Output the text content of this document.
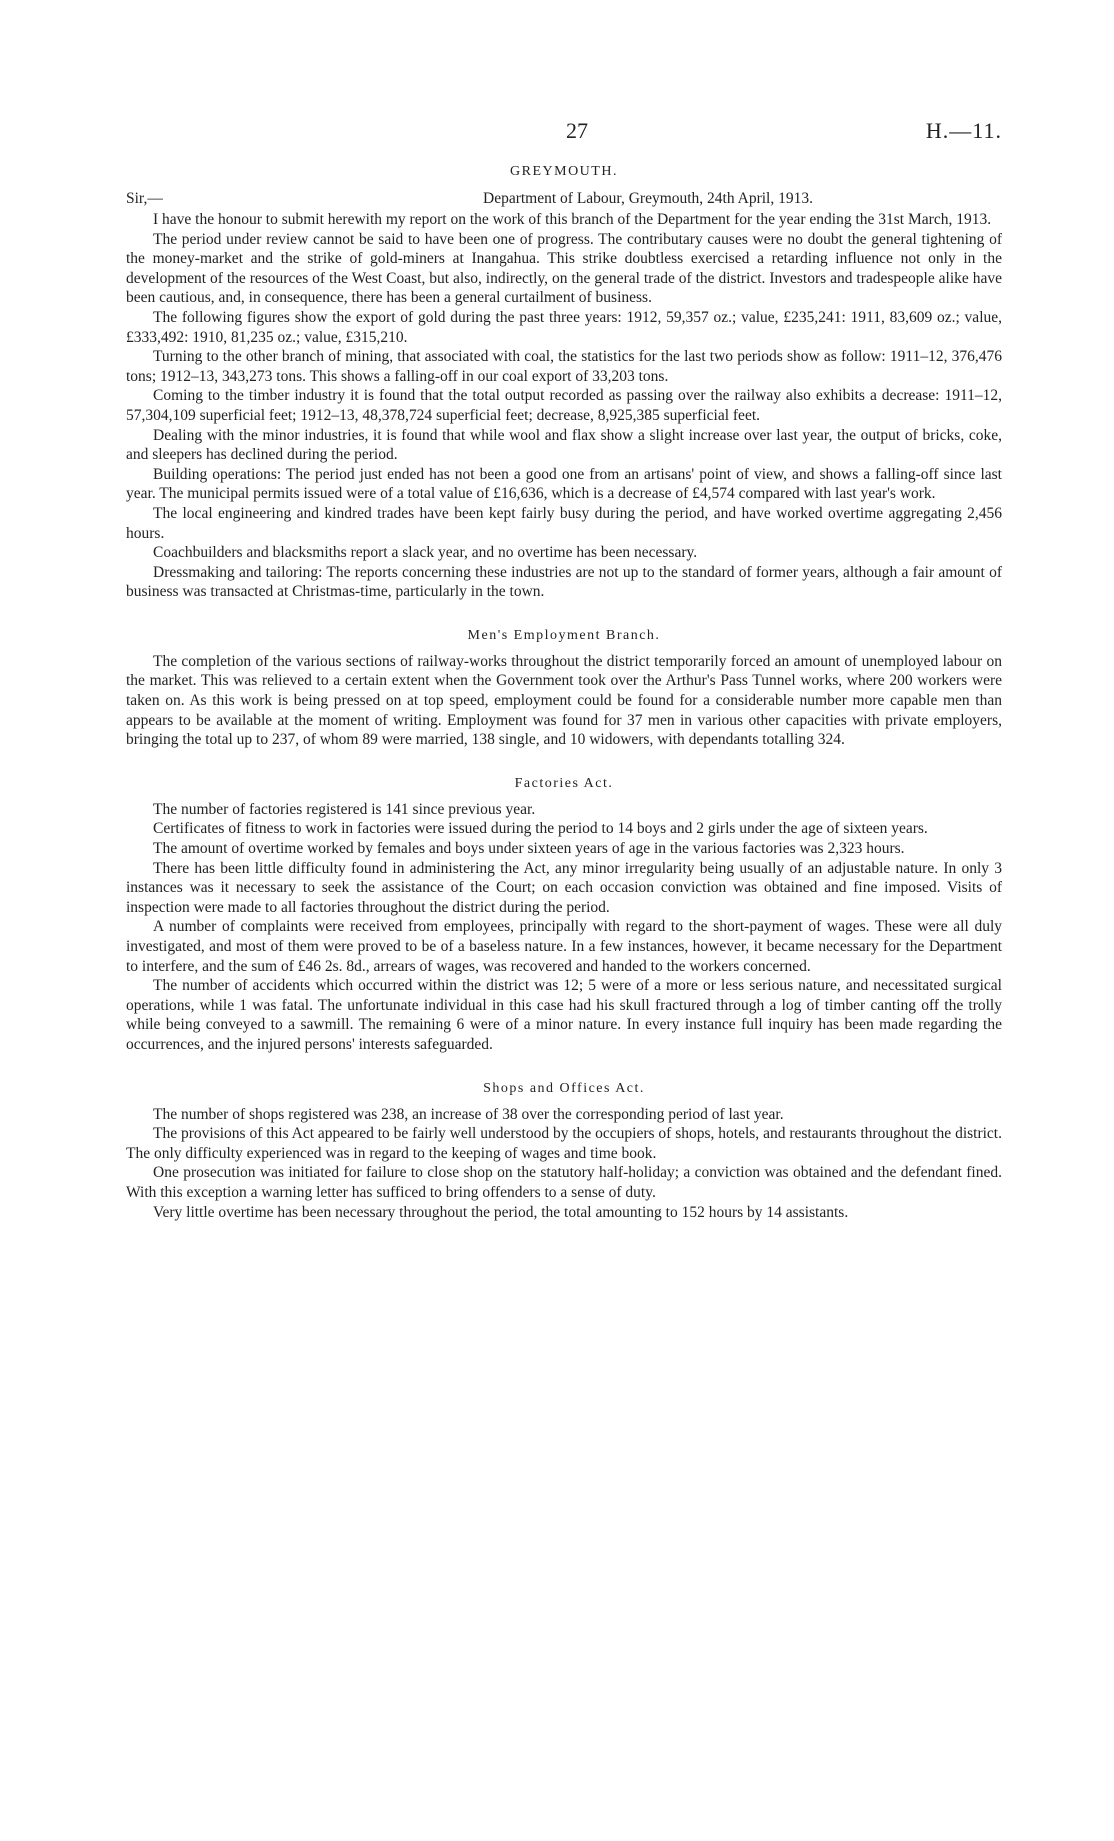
27	H.—11.
GREYMOUTH.
Sir,—	Department of Labour, Greymouth, 24th April, 1913.

I have the honour to submit herewith my report on the work of this branch of the Department for the year ending the 31st March, 1913.

The period under review cannot be said to have been one of progress. The contributary causes were no doubt the general tightening of the money-market and the strike of gold-miners at Inangahua. This strike doubtless exercised a retarding influence not only in the development of the resources of the West Coast, but also, indirectly, on the general trade of the district. Investors and tradespeople alike have been cautious, and, in consequence, there has been a general curtailment of business.

The following figures show the export of gold during the past three years: 1912, 59,357 oz.; value, £235,241: 1911, 83,609 oz.; value, £333,492: 1910, 81,235 oz.; value, £315,210.

Turning to the other branch of mining, that associated with coal, the statistics for the last two periods show as follow: 1911–12, 376,476 tons; 1912–13, 343,273 tons. This shows a falling-off in our coal export of 33,203 tons.

Coming to the timber industry it is found that the total output recorded as passing over the railway also exhibits a decrease: 1911–12, 57,304,109 superficial feet; 1912–13, 48,378,724 superficial feet; decrease, 8,925,385 superficial feet.

Dealing with the minor industries, it is found that while wool and flax show a slight increase over last year, the output of bricks, coke, and sleepers has declined during the period.

Building operations: The period just ended has not been a good one from an artisans' point of view, and shows a falling-off since last year. The municipal permits issued were of a total value of £16,636, which is a decrease of £4,574 compared with last year's work.

The local engineering and kindred trades have been kept fairly busy during the period, and have worked overtime aggregating 2,456 hours.

Coachbuilders and blacksmiths report a slack year, and no overtime has been necessary.

Dressmaking and tailoring: The reports concerning these industries are not up to the standard of former years, although a fair amount of business was transacted at Christmas-time, particularly in the town.

Men's Employment Branch.

The completion of the various sections of railway-works throughout the district temporarily forced an amount of unemployed labour on the market. This was relieved to a certain extent when the Government took over the Arthur's Pass Tunnel works, where 200 workers were taken on. As this work is being pressed on at top speed, employment could be found for a considerable number more capable men than appears to be available at the moment of writing. Employment was found for 37 men in various other capacities with private employers, bringing the total up to 237, of whom 89 were married, 138 single, and 10 widowers, with dependants totalling 324.

Factories Act.

The number of factories registered is 141 since previous year.

Certificates of fitness to work in factories were issued during the period to 14 boys and 2 girls under the age of sixteen years.

The amount of overtime worked by females and boys under sixteen years of age in the various factories was 2,323 hours.

There has been little difficulty found in administering the Act, any minor irregularity being usually of an adjustable nature. In only 3 instances was it necessary to seek the assistance of the Court; on each occasion conviction was obtained and fine imposed. Visits of inspection were made to all factories throughout the district during the period.

A number of complaints were received from employees, principally with regard to the short-payment of wages. These were all duly investigated, and most of them were proved to be of a baseless nature. In a few instances, however, it became necessary for the Department to interfere, and the sum of £46 2s. 8d., arrears of wages, was recovered and handed to the workers concerned.

The number of accidents which occurred within the district was 12; 5 were of a more or less serious nature, and necessitated surgical operations, while 1 was fatal. The unfortunate individual in this case had his skull fractured through a log of timber canting off the trolly while being conveyed to a sawmill. The remaining 6 were of a minor nature. In every instance full inquiry has been made regarding the occurrences, and the injured persons' interests safeguarded.

Shops and Offices Act.

The number of shops registered was 238, an increase of 38 over the corresponding period of last year.

The provisions of this Act appeared to be fairly well understood by the occupiers of shops, hotels, and restaurants throughout the district. The only difficulty experienced was in regard to the keeping of wages and time book.

One prosecution was initiated for failure to close shop on the statutory half-holiday; a conviction was obtained and the defendant fined. With this exception a warning letter has sufficed to bring offenders to a sense of duty.

Very little overtime has been necessary throughout the period, the total amounting to 152 hours by 14 assistants.
